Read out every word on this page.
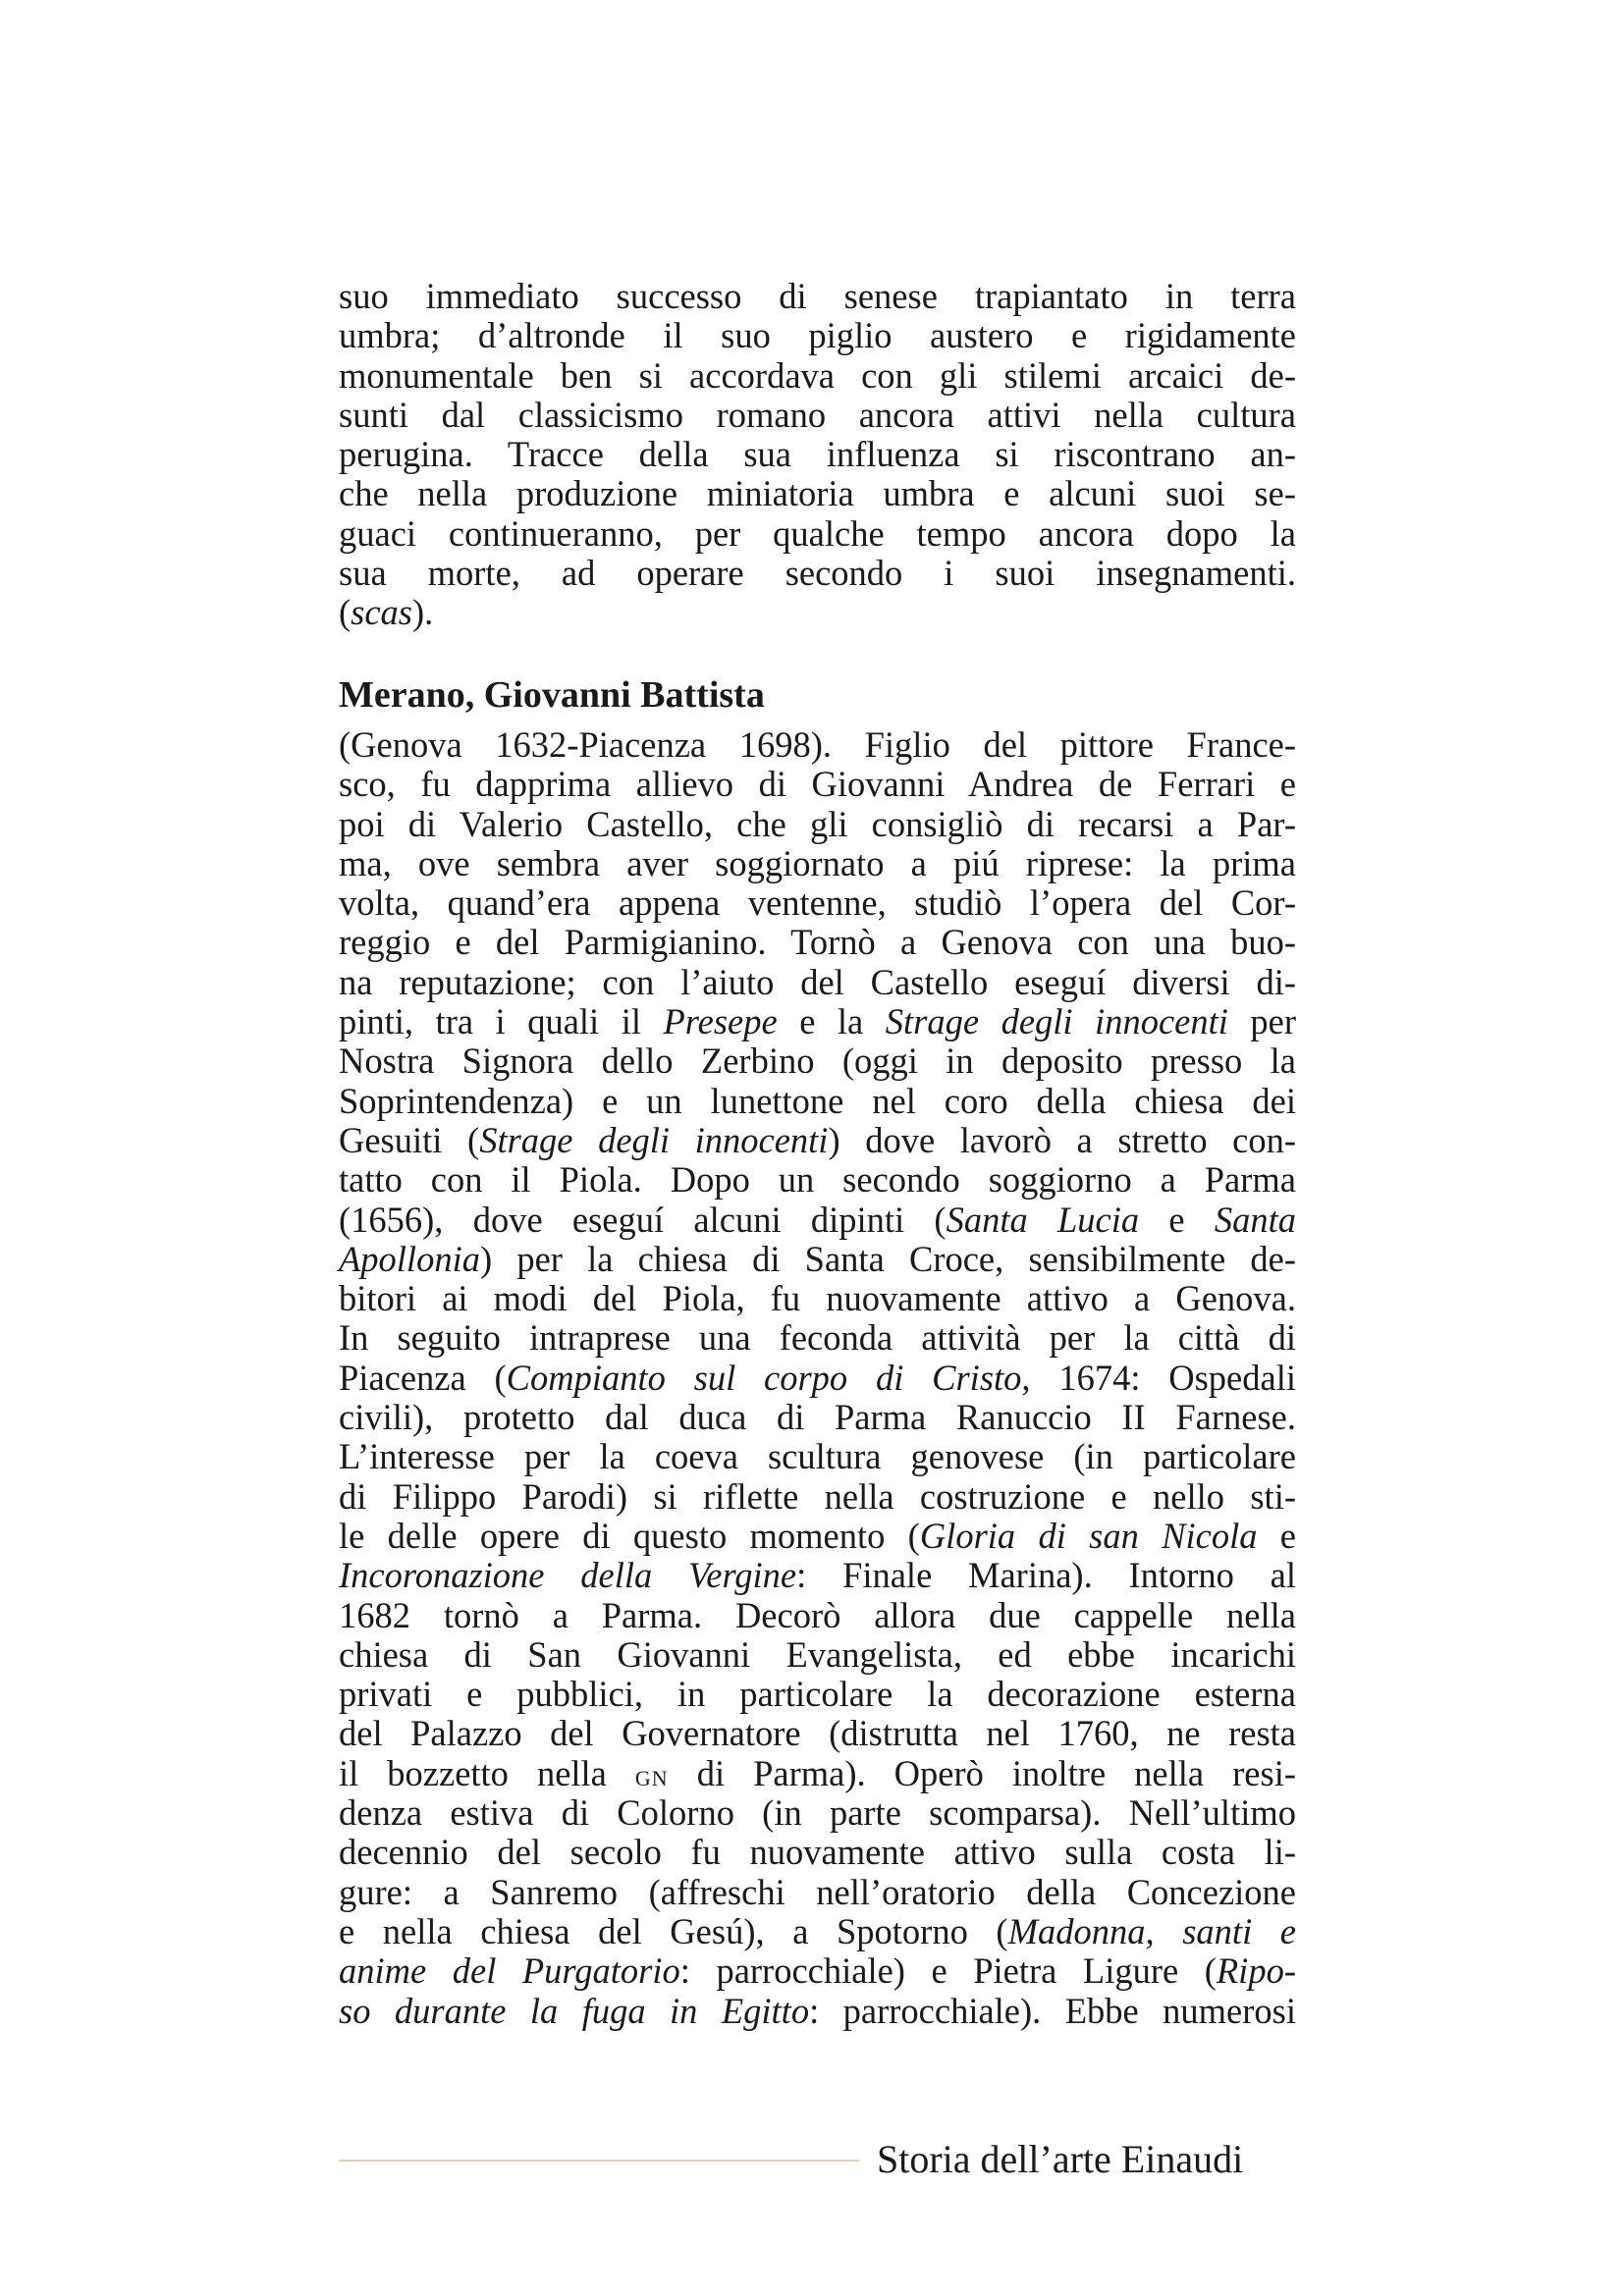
suo immediato successo di senese trapiantato in terra
umbra; d’altronde il suo piglio austero e rigidamente
monumentale ben si accordava con gli stilemi arcaici de-
sunti dal classicismo romano ancora attivi nella cultura
perugina. Tracce della sua influenza si riscontrano an-
che nella produzione miniatoria umbra e alcuni suoi se-
guaci continueranno, per qualche tempo ancora dopo la
sua morte, ad operare secondo i suoi insegnamenti.
(scas).
Merano, Giovanni Battista
(Genova 1632-Piacenza 1698). Figlio del pittore France-
sco, fu dapprima allievo di Giovanni Andrea de Ferrari e
poi di Valerio Castello, che gli consigliò di recarsi a Par-
ma, ove sembra aver soggiornato a piú riprese: la prima
volta, quand’era appena ventenne, studiò l’opera del Cor-
reggio e del Parmigianino. Tornò a Genova con una buo-
na reputazione; con l’aiuto del Castello eseguí diversi di-
pinti, tra i quali il Presepe e la Strage degli innocenti per
Nostra Signora dello Zerbino (oggi in deposito presso la
Soprintendenza) e un lunettone nel coro della chiesa dei
Gesuiti (Strage degli innocenti) dove lavorò a stretto con-
tatto con il Piola. Dopo un secondo soggiorno a Parma
(1656), dove eseguí alcuni dipinti (Santa Lucia e Santa
Apollonia) per la chiesa di Santa Croce, sensibilmente de-
bitori ai modi del Piola, fu nuovamente attivo a Genova.
In seguito intraprese una feconda attività per la città di
Piacenza (Compianto sul corpo di Cristo, 1674: Ospedali
civili), protetto dal duca di Parma Ranuccio II Farnese.
L’interesse per la coeva scultura genovese (in particolare
di Filippo Parodi) si riflette nella costruzione e nello sti-
le delle opere di questo momento (Gloria di san Nicola e
Incoronazione della Vergine: Finale Marina). Intorno al
1682 tornò a Parma. Decorò allora due cappelle nella
chiesa di San Giovanni Evangelista, ed ebbe incarichi
privati e pubblici, in particolare la decorazione esterna
del Palazzo del Governatore (distrutta nel 1760, ne resta
il bozzetto nella gn di Parma). Operò inoltre nella resi-
denza estiva di Colorno (in parte scomparsa). Nell’ultimo
decennio del secolo fu nuovamente attivo sulla costa li-
gure: a Sanremo (affreschi nell’oratorio della Concezione
e nella chiesa del Gesú), a Spotorno (Madonna, santi e
anime del Purgatorio: parrocchiale) e Pietra Ligure (Ripo-
so durante la fuga in Egitto: parrocchiale). Ebbe numerosi
Storia dell’arte Einaudi
